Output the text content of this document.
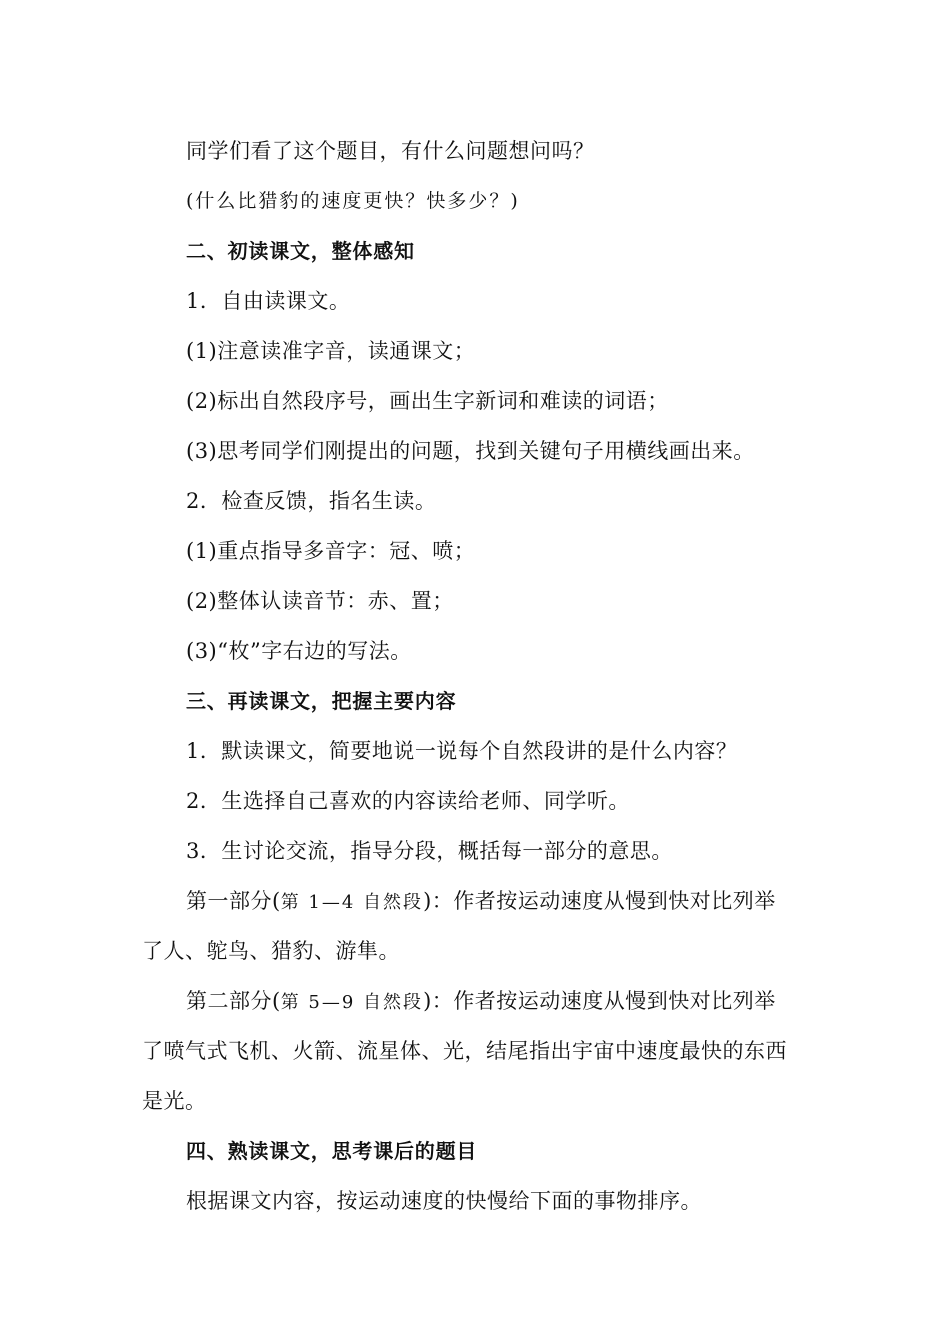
同学们看了这个题目，有什么问题想问吗？
(什么比猎豹的速度更快？快多少？)
二、初读课文，整体感知
1．自由读课文。
(1)注意读准字音，读通课文；
(2)标出自然段序号，画出生字新词和难读的词语；
(3)思考同学们刚提出的问题，找到关键句子用横线画出来。
2．检查反馈，指名生读。
(1)重点指导多音字：冠、喷；
(2)整体认读音节：赤、置；
(3)“枚”字右边的写法。
三、再读课文，把握主要内容
1．默读课文，简要地说一说每个自然段讲的是什么内容？
2．生选择自己喜欢的内容读给老师、同学听。
3．生讨论交流，指导分段，概括每一部分的意思。
第一部分(第 1—4 自然段)：作者按运动速度从慢到快对比列举
了人、鸵鸟、猎豹、游隼。
第二部分(第 5—9 自然段)：作者按运动速度从慢到快对比列举
了喷气式飞机、火箭、流星体、光，结尾指出宇宙中速度最快的东西
是光。
四、熟读课文，思考课后的题目
根据课文内容，按运动速度的快慢给下面的事物排序。
